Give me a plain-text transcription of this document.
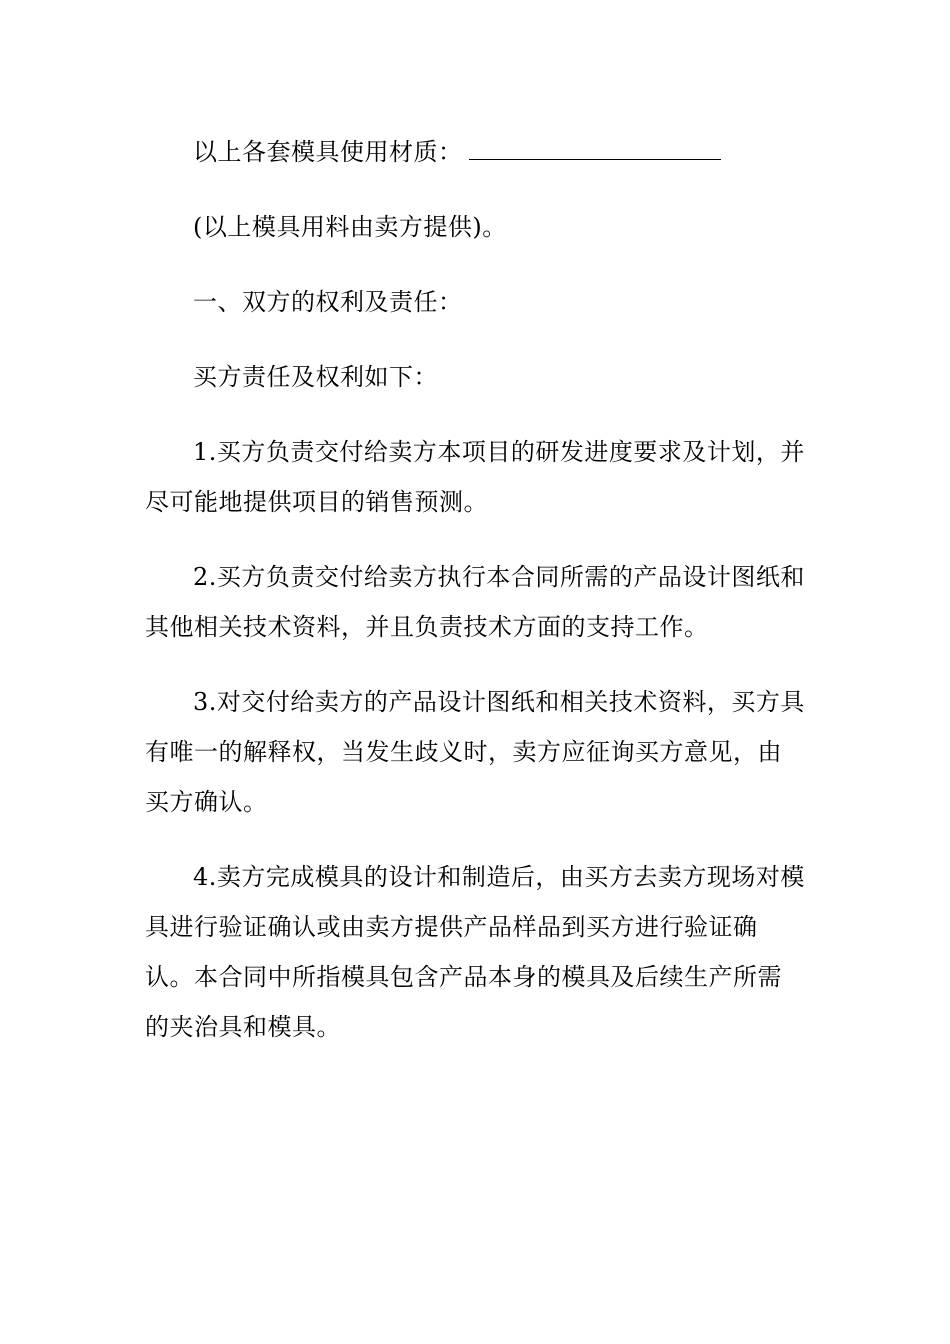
以上各套模具使用材质：

(以上模具用料由卖方提供)。

一、双方的权利及责任：

买方责任及权利如下：

1.买方负责交付给卖方本项目的研发进度要求及计划，并尽可能地提供项目的销售预测。

2.买方负责交付给卖方执行本合同所需的产品设计图纸和其他相关技术资料，并且负责技术方面的支持工作。

3.对交付给卖方的产品设计图纸和相关技术资料，买方具有唯一的解释权，当发生歧义时，卖方应征询买方意见，由买方确认。

4.卖方完成模具的设计和制造后，由买方去卖方现场对模具进行验证确认或由卖方提供产品样品到买方进行验证确认。本合同中所指模具包含产品本身的模具及后续生产所需的夹治具和模具。
